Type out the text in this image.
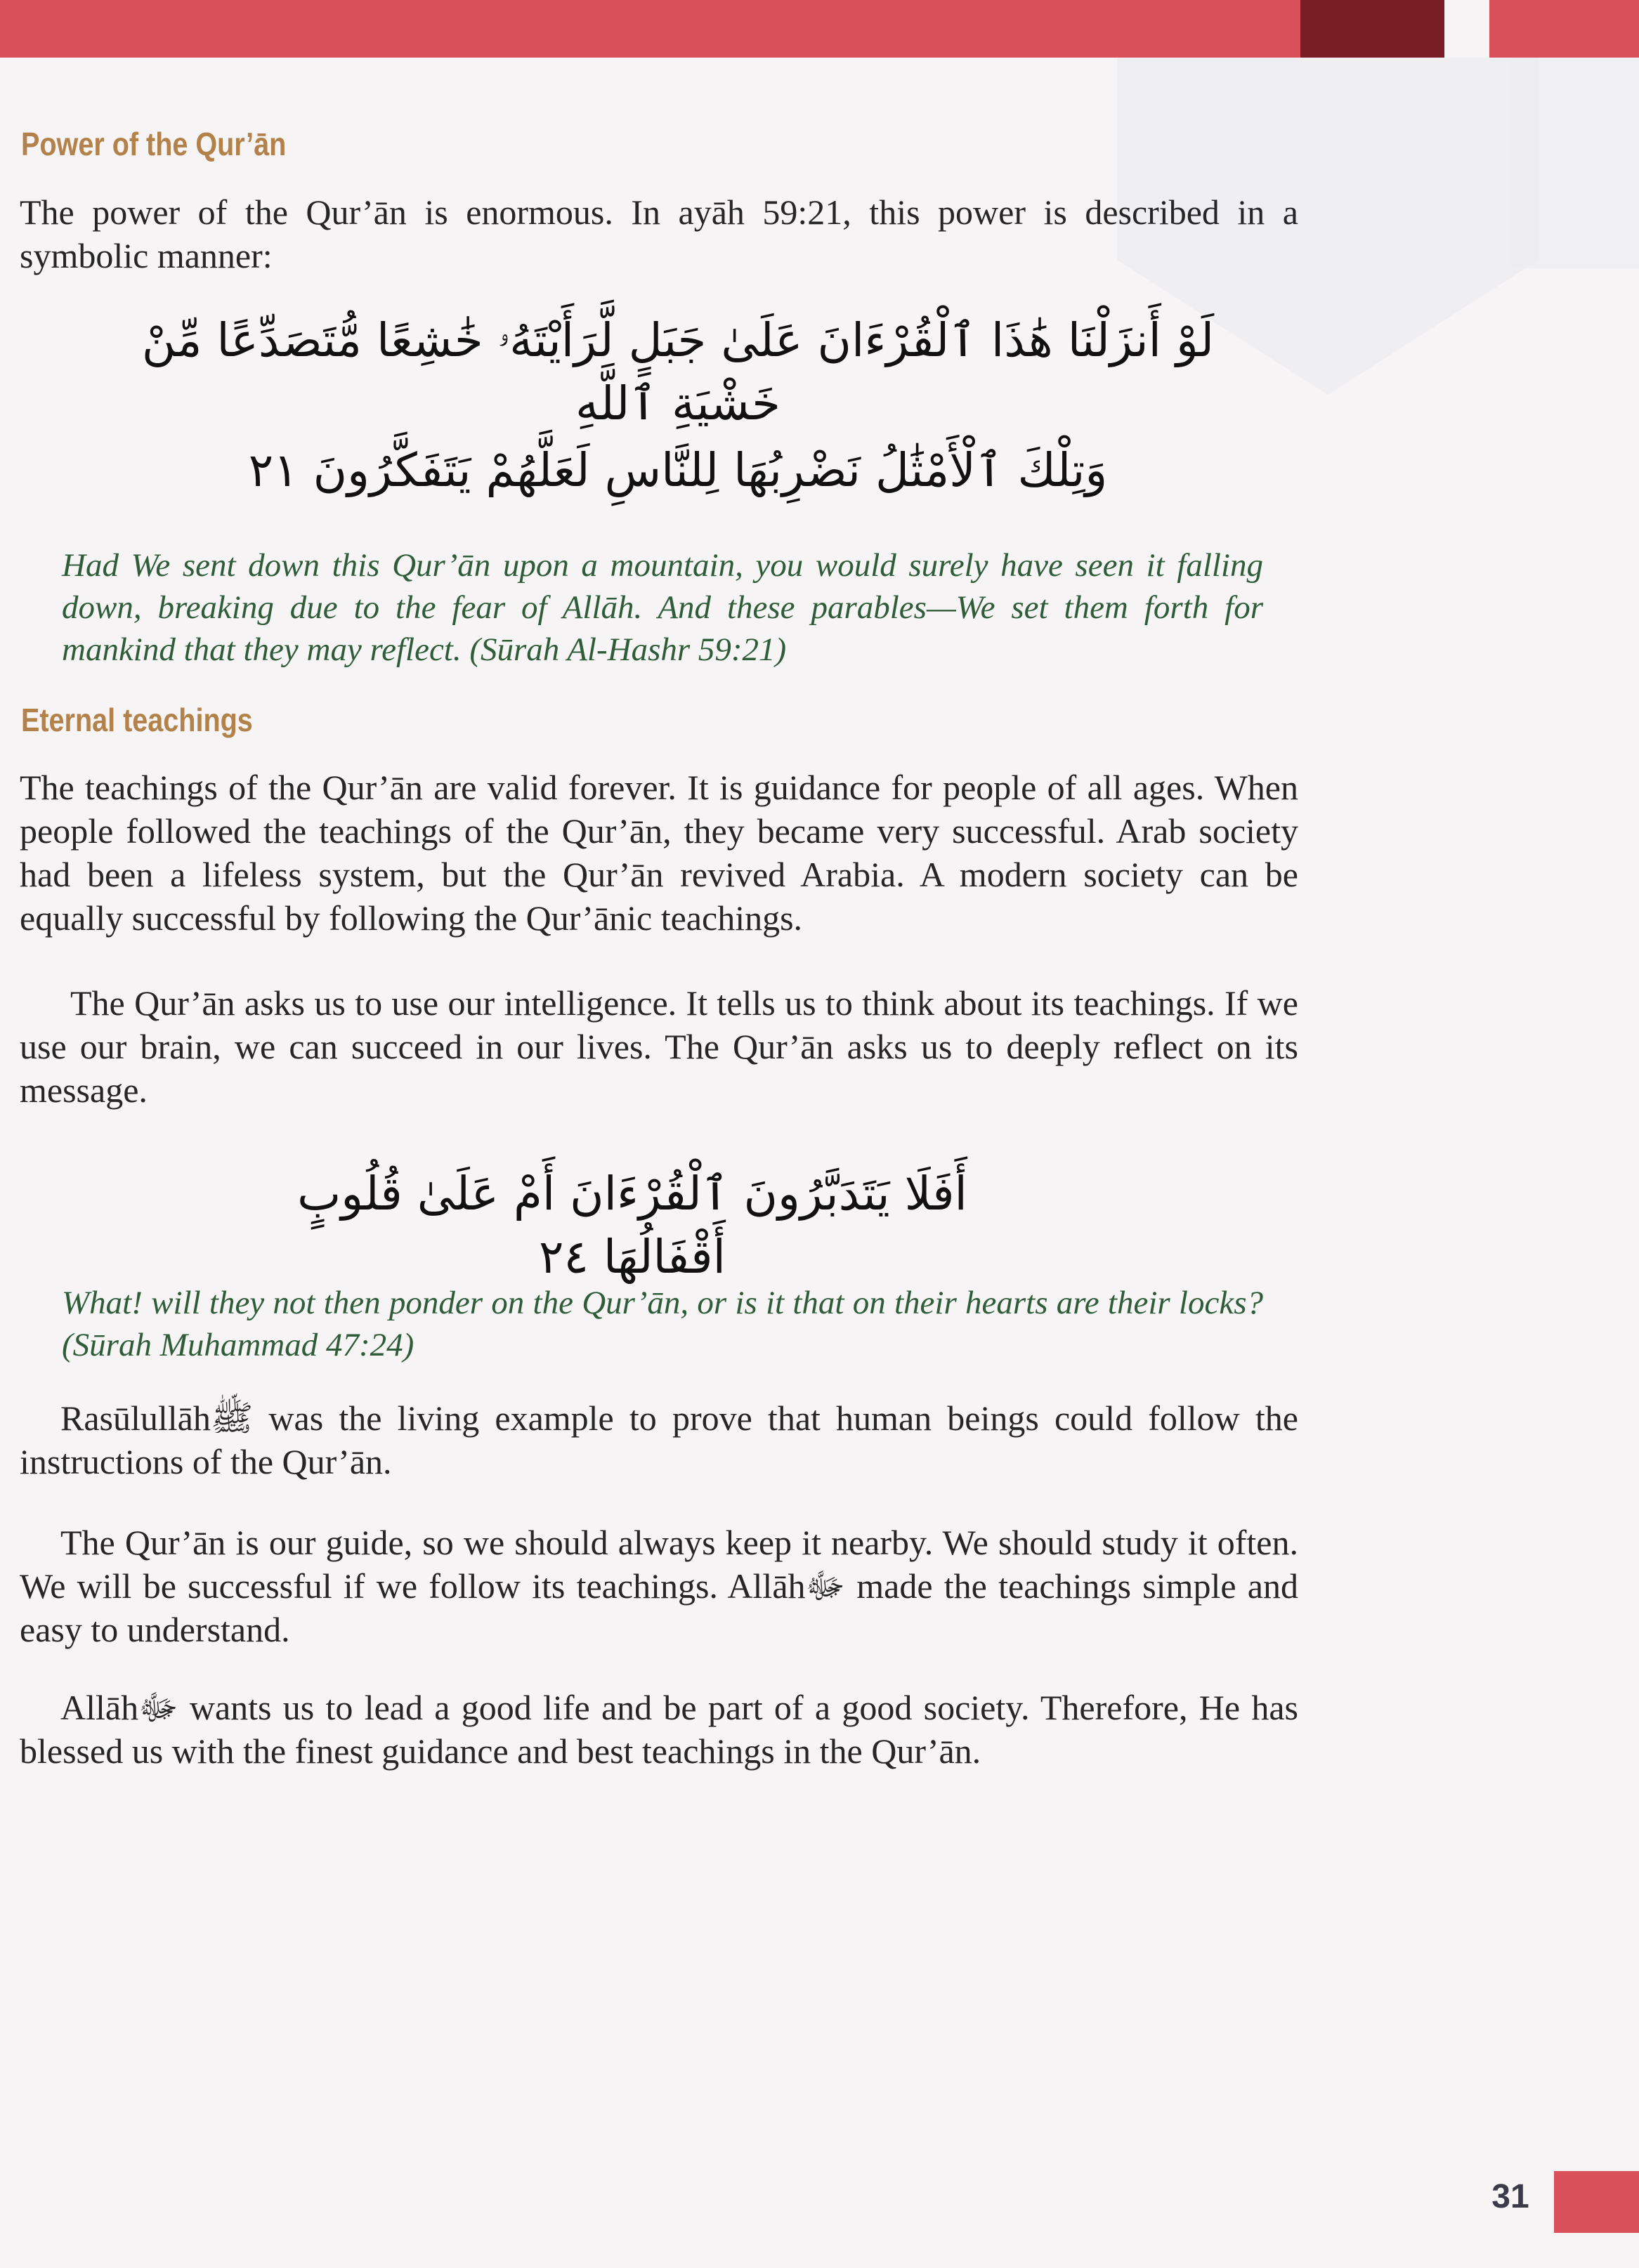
Power of the Qur’ān

The power of the Qur’ān is enormous. In ayāh 59:21, this power is described in a symbolic manner:

لَوْ أَنزَلْنَا هَٰذَا ٱلْقُرْءَانَ عَلَىٰ جَبَلٍ لَّرَأَيْتَهُۥ خَٰشِعًا مُّتَصَدِّعًا مِّنْ خَشْيَةِ ٱللَّهِ

وَتِلْكَ ٱلْأَمْثَٰلُ نَضْرِبُهَا لِلنَّاسِ لَعَلَّهُمْ يَتَفَكَّرُونَ ٢١

Had We sent down this Qur’ān upon a mountain, you would surely have seen it falling down, breaking due to the fear of Allāh. And these parables—We set them forth for mankind that they may reflect. (Sūrah Al-Hashr 59:21)

Eternal teachings

The teachings of the Qur’ān are valid forever. It is guidance for people of all ages. When people followed the teachings of the Qur’ān, they became very successful. Arab society had been a lifeless system, but the Qur’ān revived Arabia. A modern society can be equally successful by following the Qur’ānic teachings.

The Qur’ān asks us to use our intelligence. It tells us to think about its teachings. If we use our brain, we can succeed in our lives. The Qur’ān asks us to deeply reflect on its message.

أَفَلَا يَتَدَبَّرُونَ ٱلْقُرْءَانَ أَمْ عَلَىٰ قُلُوبٍ أَقْفَالُهَا ٢٤

What! will they not then ponder on the Qur’ān, or is it that on their hearts are their locks? (Sūrah Muhammad 47:24)

Rasūlullāhﷺ was the living example to prove that human beings could follow the instructions of the Qur’ān.

The Qur’ān is our guide, so we should always keep it nearby. We should study it often. We will be successful if we follow its teachings. Allāhﷻ made the teachings simple and easy to understand.

Allāhﷻ wants us to lead a good life and be part of a good society. Therefore, He has blessed us with the finest guidance and best teachings in the Qur’ān.

31
